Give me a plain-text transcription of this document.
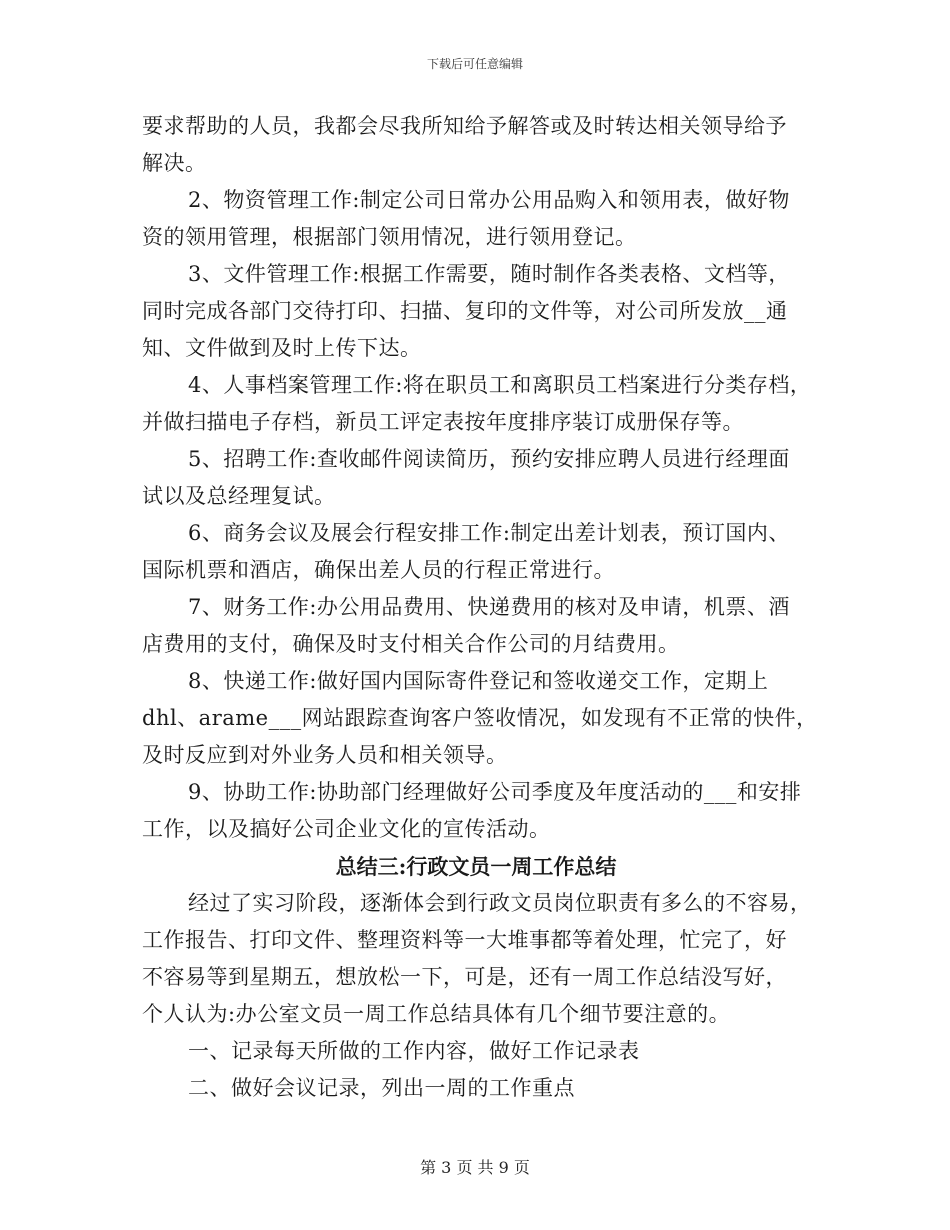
下载后可任意编辑
要求帮助的人员，我都会尽我所知给予解答或及时转达相关领导给予
解决。
2、物资管理工作:制定公司日常办公用品购入和领用表，做好物
资的领用管理，根据部门领用情况，进行领用登记。
3、文件管理工作:根据工作需要，随时制作各类表格、文档等，
同时完成各部门交待打印、扫描、复印的文件等，对公司所发放__通
知、文件做到及时上传下达。
4、人事档案管理工作:将在职员工和离职员工档案进行分类存档，
并做扫描电子存档，新员工评定表按年度排序装订成册保存等。
5、招聘工作:查收邮件阅读简历，预约安排应聘人员进行经理面
试以及总经理复试。
6、商务会议及展会行程安排工作:制定出差计划表，预订国内、
国际机票和酒店，确保出差人员的行程正常进行。
7、财务工作:办公用品费用、快递费用的核对及申请，机票、酒
店费用的支付，确保及时支付相关合作公司的月结费用。
8、快递工作:做好国内国际寄件登记和签收递交工作，定期上
dhl、arame___网站跟踪查询客户签收情况，如发现有不正常的快件，
及时反应到对外业务人员和相关领导。
9、协助工作:协助部门经理做好公司季度及年度活动的___和安排
工作，以及搞好公司企业文化的宣传活动。
总结三:行政文员一周工作总结
经过了实习阶段，逐渐体会到行政文员岗位职责有多么的不容易，
工作报告、打印文件、整理资料等一大堆事都等着处理，忙完了，好
不容易等到星期五，想放松一下，可是，还有一周工作总结没写好，
个人认为:办公室文员一周工作总结具体有几个细节要注意的。
一、记录每天所做的工作内容，做好工作记录表
二、做好会议记录，列出一周的工作重点
第 3 页 共 9 页
